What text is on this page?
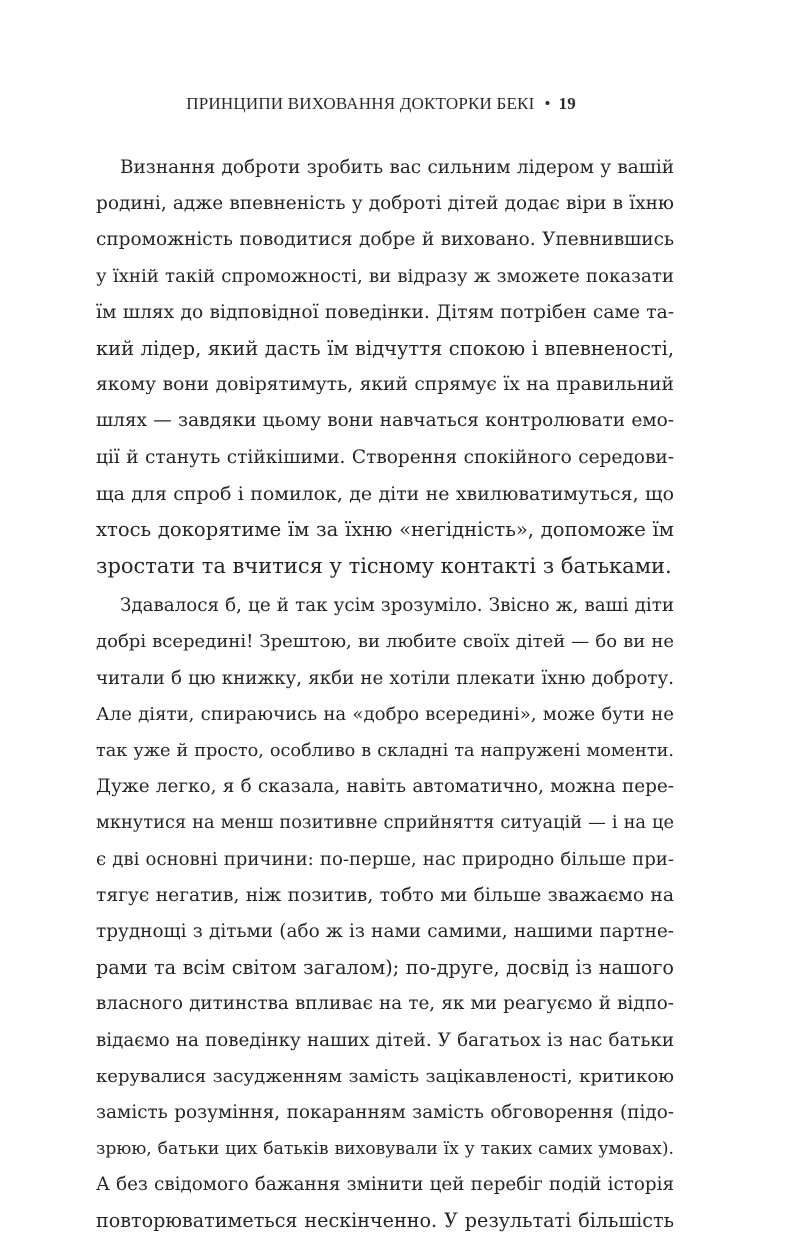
ПРИНЦИПИ ВИХОВАННЯ ДОКТОРКИ БЕКІ • 19
Визнання доброти зробить вас сильним лідером у вашій
родині, адже впевненість у доброті дітей додає віри в їхню
спроможність поводитися добре й виховано. Упевнившись
у їхній такій спроможності, ви відразу ж зможете показати
їм шлях до відповідної поведінки. Дітям потрібен саме та-
кий лідер, який дасть їм відчуття спокою і впевненості,
якому вони довірятимуть, який спрямує їх на правильний
шлях — завдяки цьому вони навчаться контролювати емо-
ції й стануть стійкішими. Створення спокійного середови-
ща для спроб і помилок, де діти не хвилюватимуться, що
хтось докорятиме їм за їхню «негідність», допоможе їм
зростати та вчитися у тісному контакті з батьками.
Здавалося б, це й так усім зрозуміло. Звісно ж, ваші діти
добрі всередині! Зрештою, ви любите своїх дітей — бо ви не
читали б цю книжку, якби не хотіли плекати їхню доброту.
Але діяти, спираючись на «добро всередині», може бути не
так уже й просто, особливо в складні та напружені моменти.
Дуже легко, я б сказала, навіть автоматично, можна пере-
мкнутися на менш позитивне сприйняття ситуацій — і на це
є дві основні причини: по-перше, нас природно більше при-
тягує негатив, ніж позитив, тобто ми більше зважаємо на
труднощі з дітьми (або ж із нами самими, нашими партне-
рами та всім світом загалом); по-друге, досвід із нашого
власного дитинства впливає на те, як ми реагуємо й відпо-
відаємо на поведінку наших дітей. У багатьох із нас батьки
керувалися засудженням замість зацікавленості, критикою
замість розуміння, покаранням замість обговорення (підо-
зрюю, батьки цих батьків виховували їх у таких самих умовах).
А без свідомого бажання змінити цей перебіг подій історія
повторюватиметься нескінченно. У результаті більшість
